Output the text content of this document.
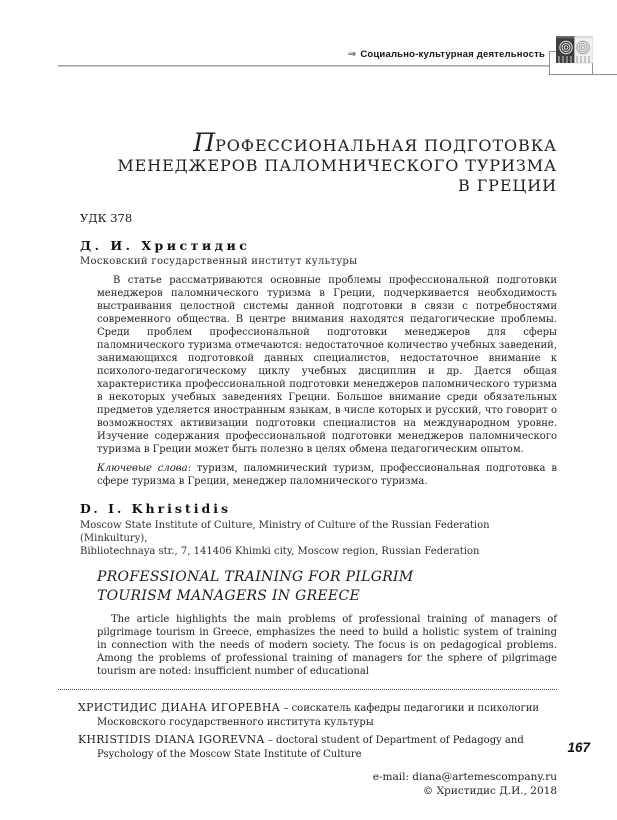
⇒ Социально-культурная деятельность
ПРОФЕССИОНАЛЬНАЯ ПОДГОТОВКА
МЕНЕДЖЕРОВ ПАЛОМНИЧЕСКОГО ТУРИЗМА
В ГРЕЦИИ
УДК 378
Д. И. Христидис
Московский государственный институт культуры
В статье рассматриваются основные проблемы профессиональной подготовки менеджеров паломнического туризма в Греции, подчеркивается необходимость выстраивания целостной системы данной подготовки в связи с потребностями современного общества. В центре внимания находятся педагогические проблемы. Среди проблем профессиональной подготовки менеджеров для сферы паломнического туризма отмечаются: недостаточное количество учебных заведений, занимающихся подготовкой данных специалистов, недостаточное внимание к психолого-педагогическому циклу учебных дисциплин и др. Дается общая характеристика профессиональной подготовки менеджеров паломнического туризма в некоторых учебных заведениях Греции. Большое внимание среди обязательных предметов уделяется иностранным языкам, в числе которых и русский, что говорит о возможностях активизации подготовки специалистов на международном уровне. Изучение содержания профессиональной подготовки менеджеров паломнического туризма в Греции может быть полезно в целях обмена педагогическим опытом.
Ключевые слова: туризм, паломнический туризм, профессиональная подготовка в сфере туризма в Греции, менеджер паломнического туризма.
D. I. Khristidis
Moscow State Institute of Culture, Ministry of Culture of the Russian Federation (Minkultury),
Bibliotechnaya str., 7, 141406 Khimki city, Moscow region, Russian Federation
PROFESSIONAL TRAINING FOR PILGRIM
TOURISM MANAGERS IN GREECE
The article highlights the main problems of professional training of managers of pilgrimage tourism in Greece, emphasizes the need to build a holistic system of training in connection with the needs of modern society. The focus is on pedagogical problems. Among the problems of professional training of managers for the sphere of pilgrimage tourism are noted: insufficient number of educational
ХРИСТИДИС ДИАНА ИГОРЕВНА – соискатель кафедры педагогики и психологии Московского государственного института культуры
KHRISTIDIS DIANA IGOREVNA – doctoral student of Department of Pedagogy and Psychology of the Moscow State Institute of Culture
e-mail: diana@artemescompany.ru
© Христидис Д.И., 2018
167
